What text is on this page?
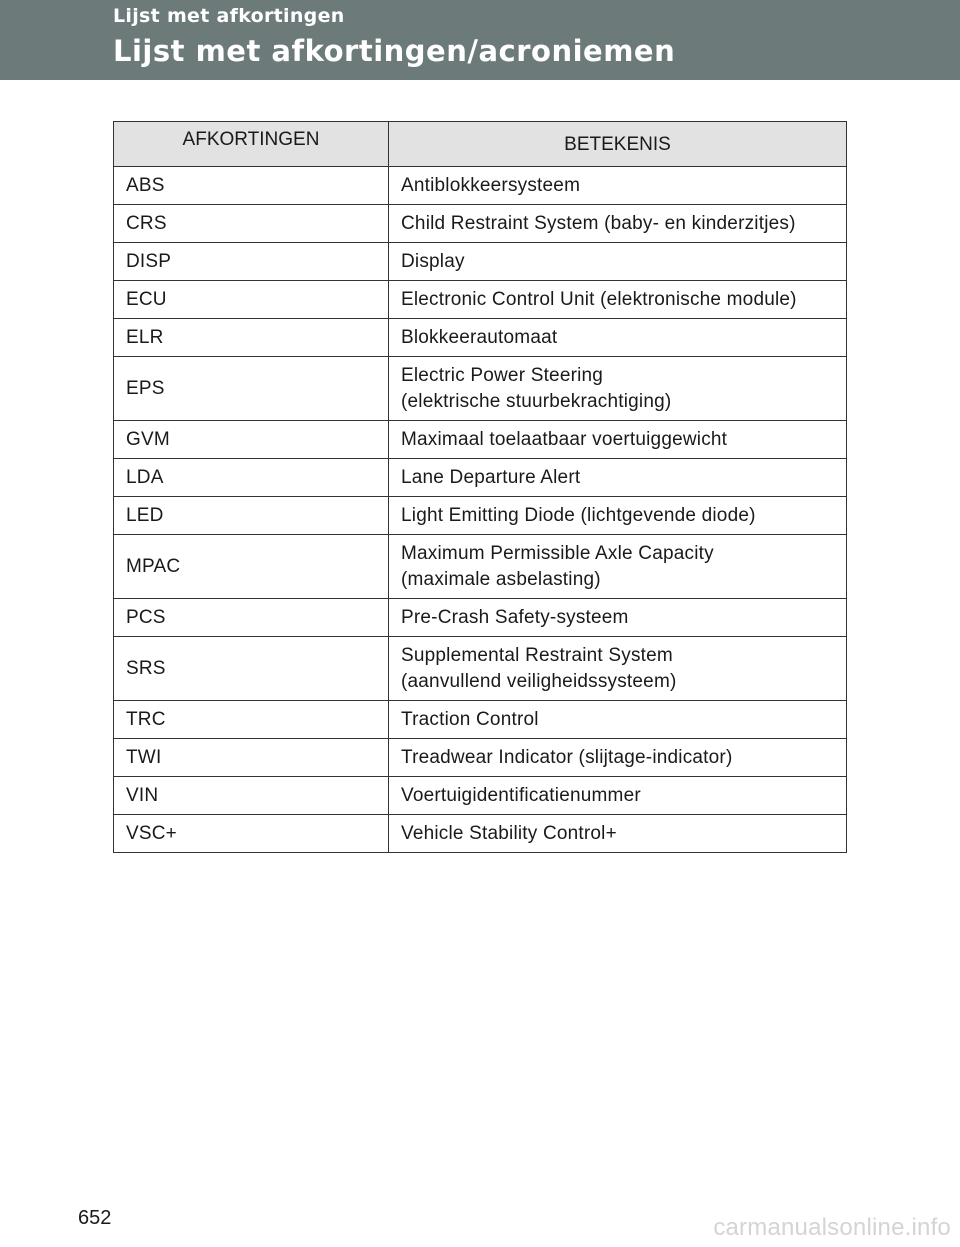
Lijst met afkortingen
Lijst met afkortingen/acroniemen
AFKORTINGEN	BETEKENIS
ABS	Antiblokkeersysteem

CRS	Child Restraint System (baby- en kinderzitjes)

DISP	Display

ECU	Electronic Control Unit (elektronische module)

ELR	Blokkeerautomaat

EPS	Electric Power Steering
(elektrische stuurbekrachtiging)

GVM	Maximaal toelaatbaar voertuiggewicht

LDA	Lane Departure Alert

LED	Light Emitting Diode (lichtgevende diode)

MPAC	Maximum Permissible Axle Capacity
(maximale asbelasting)

PCS	Pre-Crash Safety-systeem

SRS	Supplemental Restraint System
(aanvullend veiligheidssysteem)

TRC	Traction Control

TWI	Treadwear Indicator (slijtage-indicator)

VIN	Voertuigidentificatienummer

VSC+	Vehicle Stability Control+
652	carmanualsonline.info
